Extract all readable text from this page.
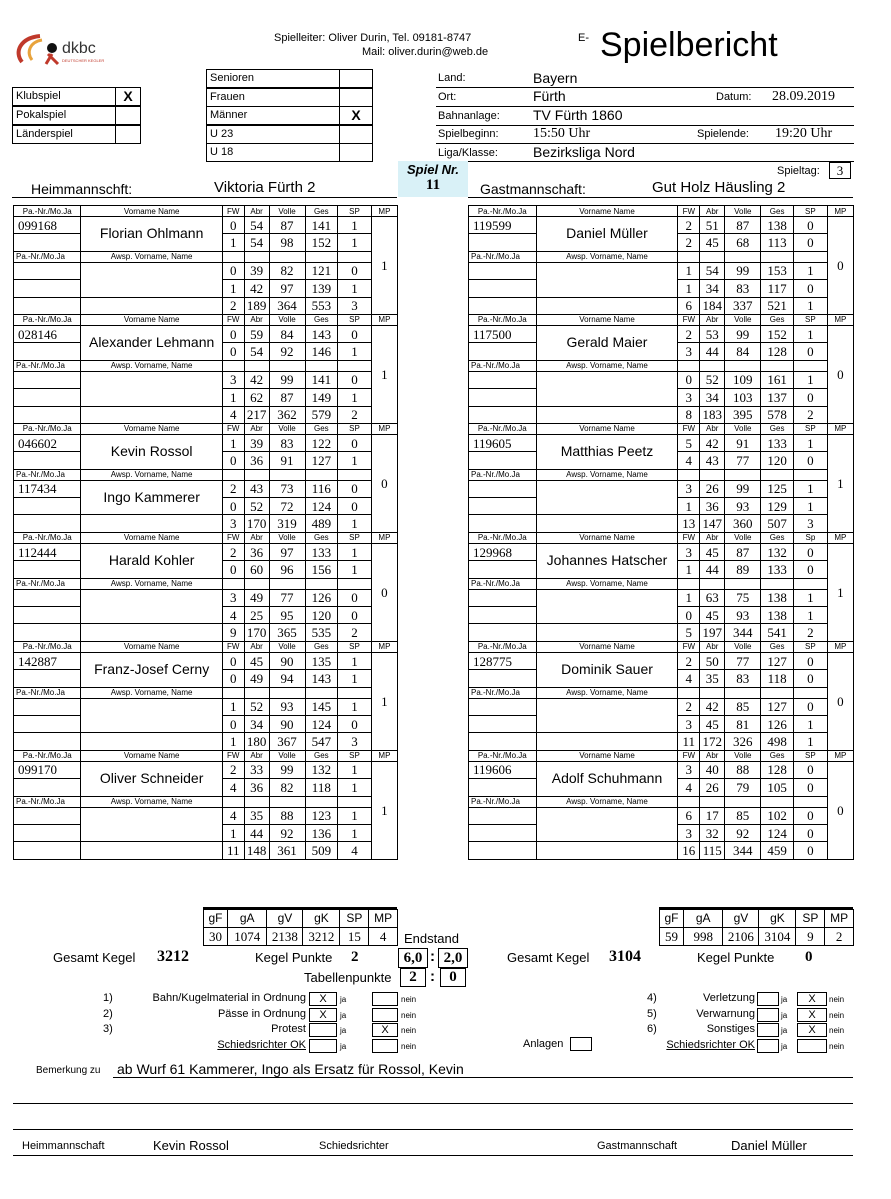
dkbc
DEUTSCHER KEGLER
Spielleiter: Oliver Durin, Tel. 09181-8747
Mail: oliver.durin@web.de
E- Spielbericht
Klubspiel	X
Pokalspiel
Länderspiel
Senioren
Frauen
Männer	X
U 23
U 18
Land:	Bayern
Ort:	Fürth	Datum: 28.09.2019
Bahnanlage: TV Fürth 1860
Spielbeginn: 15:50 Uhr	Spielende: 19:20 Uhr
Liga/Klasse:	Bezirksliga Nord
Spiel Nr.
11
Spieltag:	3
Heimmannschft:	Viktoria Fürth 2	Gastmannschaft:	Gut Holz Häusling 2
Pa.-Nr./Mo.Ja	Vorname Name	FW	Abr	Volle	Ges	SP	MP
099168	Florian Ohlmann	0	54	87	141	1	1
		1	54	98	152	1	
Pa.-Nr./Mo.Ja	Awsp. Vorname, Name						
		0	39	82	121	0	
		1	42	97	139	1	
		2	189	364	553	3	
Pa.-Nr./Mo.Ja	Vorname Name	FW	Abr	Volle	Ges	SP	MP
028146	Alexander Lehmann	0	59	84	143	0	1
		0	54	92	146	1	
Pa.-Nr./Mo.Ja	Awsp. Vorname, Name						
		3	42	99	141	0	
		1	62	87	149	1	
		4	217	362	579	2	
Pa.-Nr./Mo.Ja	Vorname Name	FW	Abr	Volle	Ges	SP	MP
046602	Kevin Rossol	1	39	83	122	0	0
		0	36	91	127	1	
Pa.-Nr./Mo.Ja	Awsp. Vorname, Name						
117434	Ingo Kammerer	2	43	73	116	0	
		0	52	72	124	0	
		3	170	319	489	1	
Pa.-Nr./Mo.Ja	Vorname Name	FW	Abr	Volle	Ges	SP	MP
112444	Harald Kohler	2	36	97	133	1	0
		0	60	96	156	1	
Pa.-Nr./Mo.Ja	Awsp. Vorname, Name						
		3	49	77	126	0	
		4	25	95	120	0	
		9	170	365	535	2	
Pa.-Nr./Mo.Ja	Vorname Name	FW	Abr	Volle	Ges	SP	MP
142887	Franz-Josef Cerny	0	45	90	135	1	1
		0	49	94	143	1	
Pa.-Nr./Mo.Ja	Awsp. Vorname, Name						
		1	52	93	145	1	
		0	34	90	124	0	
		1	180	367	547	3	
Pa.-Nr./Mo.Ja	Vorname Name	FW	Abr	Volle	Ges	SP	MP
099170	Oliver Schneider	2	33	99	132	1	1
		4	36	82	118	1	
Pa.-Nr./Mo.Ja	Awsp. Vorname, Name						
		4	35	88	123	1	
		1	44	92	136	1	
		11	148	361	509	4	
Pa.-Nr./Mo.Ja	Vorname Name	FW	Abr	Volle	Ges	SP	MP
119599	Daniel Müller	2	51	87	138	0	0
		2	45	68	113	0	
Pa.-Nr./Mo.Ja	Awsp. Vorname, Name						
		1	54	99	153	1	
		1	34	83	117	0	
		6	184	337	521	1	
Pa.-Nr./Mo.Ja	Vorname Name	FW	Abr	Volle	Ges	SP	MP
117500	Gerald Maier	2	53	99	152	1	0
		3	44	84	128	0	
Pa.-Nr./Mo.Ja	Awsp. Vorname, Name						
		0	52	109	161	1	
		3	34	103	137	0	
		8	183	395	578	2	
Pa.-Nr./Mo.Ja	Vorname Name	FW	Abr	Volle	Ges	SP	MP
119605	Matthias Peetz	5	42	91	133	1	1
		4	43	77	120	0	
Pa.-Nr./Mo.Ja	Awsp. Vorname, Name						
		3	26	99	125	1	
		1	36	93	129	1	
		13	147	360	507	3	
Pa.-Nr./Mo.Ja	Vorname Name	FW	Abr	Volle	Ges	Sp	MP
129968	Johannes Hatscher	3	45	87	132	0	1
		1	44	89	133	0	
Pa.-Nr./Mo.Ja	Awsp. Vorname, Name						
		1	63	75	138	1	
		0	45	93	138	1	
		5	197	344	541	2	
Pa.-Nr./Mo.Ja	Vorname Name	FW	Abr	Volle	Ges	SP	MP
128775	Dominik Sauer	2	50	77	127	0	0
		4	35	83	118	0	
Pa.-Nr./Mo.Ja	Awsp. Vorname, Name						
		2	42	85	127	0	
		3	45	81	126	1	
		11	172	326	498	1	
Pa.-Nr./Mo.Ja	Vorname Name	FW	Abr	Volle	Ges	SP	MP
119606	Adolf Schuhmann	3	40	88	128	0	0
		4	26	79	105	0	
Pa.-Nr./Mo.Ja	Awsp. Vorname, Name						
		6	17	85	102	0	
		3	32	92	124	0	
		16	115	344	459	0	
gF	gA	gV	gK	SP	MP
30	1074	2138	3212	15	4
gF	gA	gV	gK	SP	MP
59	998	2106	3104	9	2
Endstand
Gesamt Kegel 3212	Kegel Punkte 2	6,0 : 2,0	Gesamt Kegel 3104	Kegel Punkte 0
Tabellenpunkte	2 : 0
1)	Bahn/Kugelmaterial in Ordnung	X	ja	nein
2)	Pässe in Ordnung	X	ja	nein
3)	Protest	ja	X	nein
Schiedsrichter OK	ja	nein
4)	Verletzung	ja	X	nein
5)	Verwarnung	ja	X	nein
6)	Sonstiges	ja	X	nein
Schiedsrichter OK	ja	nein
Anlagen
Bemerkung zu ab Wurf 61 Kammerer, Ingo als Ersatz für Rossol, Kevin
Heimmannschaft	Kevin Rossol	Schiedsrichter	Gastmannschaft	Daniel Müller
